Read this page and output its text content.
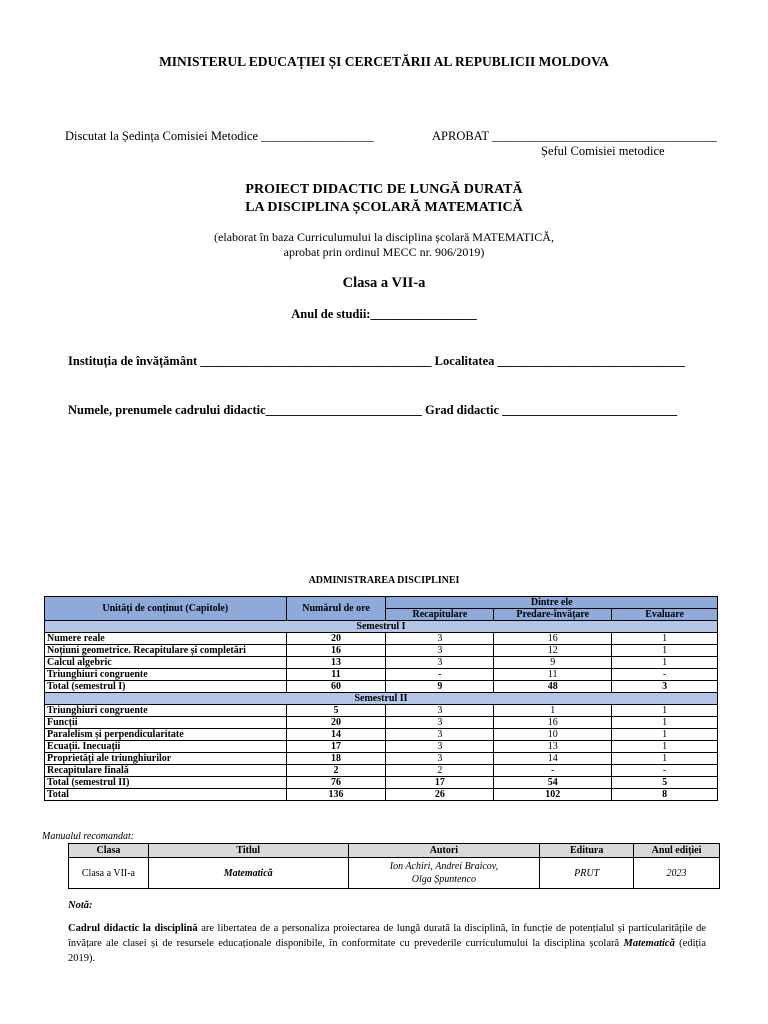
MINISTERUL EDUCAȚIEI ȘI CERCETĂRII AL REPUBLICII MOLDOVA
Discutat la Ședința Comisiei Metodice __________________	APROBAT ____________________________________
Șeful Comisiei metodice
PROIECT DIDACTIC DE LUNGĂ DURATĂ
LA DISCIPLINA ȘCOLARĂ MATEMATICĂ
(elaborat în baza Curriculumului la disciplina școlară MATEMATICĂ,
aprobat prin ordinul MECC nr. 906/2019)
Clasa a VII-a
Anul de studii:_________________
Instituția de învățământ _____________________________________ Localitatea ______________________________
Numele, prenumele cadrului didactic_________________________ Grad didactic ____________________________
ADMINISTRAREA DISCIPLINEI
Unități de conținut (Capitole)	Numărul de ore	Dintre ele		
		Recapitulare	Predare-învățare	Evaluare
Semestrul I				
Numere reale	20	3	16	1
Noțiuni geometrice. Recapitulare și completări	16	3	12	1
Calcul algebric	13	3	9	1
Triunghiuri congruente	11	-	11	-
Total (semestrul I)	60	9	48	3
Semestrul II				
Triunghiuri congruente	5	3	1	1
Funcții	20	3	16	1
Paralelism și perpendicularitate	14	3	10	1
Ecuații. Inecuații	17	3	13	1
Proprietăți ale triunghiurilor	18	3	14	1
Recapitulare finală	2	2	-	-
Total (semestrul II)	76	17	54	5
Total	136	26	102	8
Manualul recomandat:
Clasa	Titlul	Autori	Editura	Anul ediției
Clasa a VII-a	Matematică	Ion Achiri, Andrei Braicov,
Olga Șpuntenco	PRUT	2023
Notă:
Cadrul didactic la disciplină are libertatea de a personaliza proiectarea de lungă durată la disciplină, în funcție de potențialul și particularitățile de învățare ale clasei și de resursele educaționale disponibile, în conformitate cu prevederile curriculumului la disciplina școlară Matematică (ediția 2019).
